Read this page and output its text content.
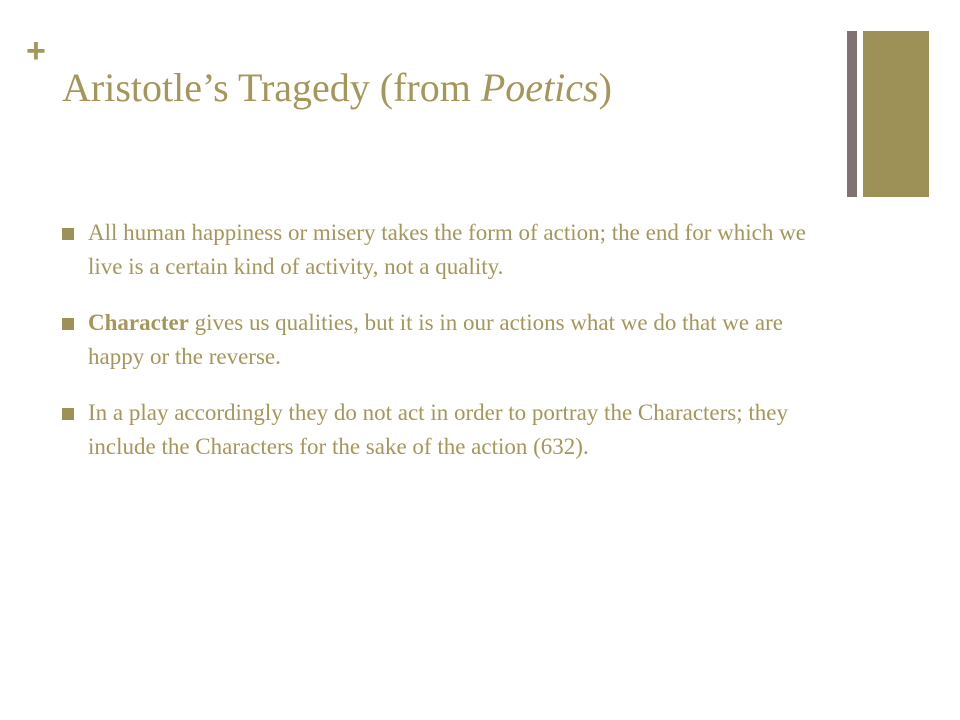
+
Aristotle’s Tragedy (from Poetics)
All human happiness or misery takes the form of action; the end for which we live is a certain kind of activity, not a quality.
Character gives us qualities, but it is in our actions what we do that we are happy or the reverse.
In a play accordingly they do not act in order to portray the Characters; they include the Characters for the sake of the action (632).
